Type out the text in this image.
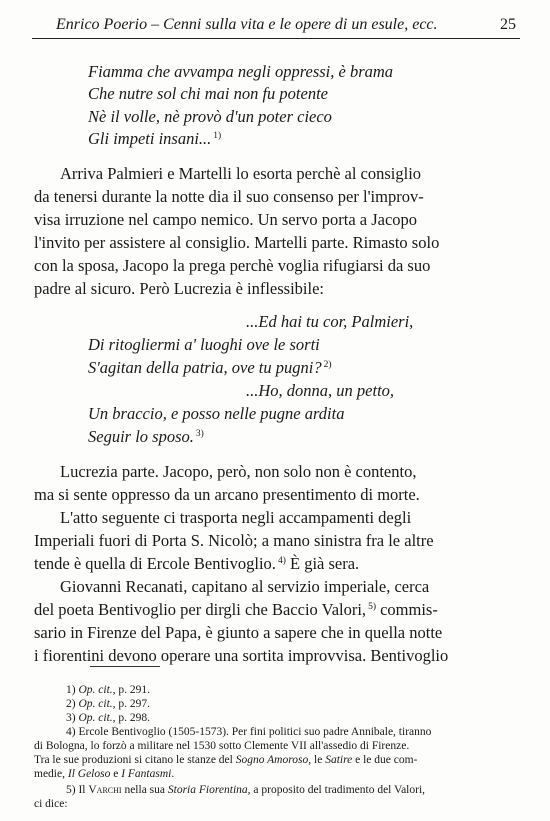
Enrico Poerio – Cenni sulla vita e le opere di un esule, ecc.	25
Fiamma che avvampa negli oppressi, è brama
Che nutre sol chi mai non fu potente
Nè il volle, nè provò d'un poter cieco
Gli impeti insani... $^{1)}$
Arriva Palmieri e Martelli lo esorta perchè al consiglio
da tenersi durante la notte dia il suo consenso per l'improv-
visa irruzione nel campo nemico. Un servo porta a Jacopo
l'invito per assistere al consiglio. Martelli parte. Rimasto solo
con la sposa, Jacopo la prega perchè voglia rifugiarsi da suo
padre al sicuro. Però Lucrezia è inflessibile:
...Ed hai tu cor, Palmieri,
Di ritogliermi a' luoghi ove le sorti
S'agitan della patria, ove tu pugni? $^{2)}$
...Ho, donna, un petto,
Un braccio, e posso nelle pugne ardita
Seguir lo sposo. $^{3)}$
Lucrezia parte. Jacopo, però, non solo non è contento,
ma si sente oppresso da un arcano presentimento di morte.
L'atto seguente ci trasporta negli accampamenti degli
Imperiali fuori di Porta S. Nicolò; a mano sinistra fra le altre
tende è quella di Ercole Bentivoglio. $^{4)}$ È già sera.
Giovanni Recanati, capitano al servizio imperiale, cerca
del poeta Bentivoglio per dirgli che Baccio Valori, $^{5)}$ commis-
sario in Firenze del Papa, è giunto a sapere che in quella notte
i fiorentini devono operare una sortita improvvisa. Bentivoglio
1) Op. cit., p. 291.
2) Op. cit., p. 297.
3) Op. cit., p. 298.
4) Ercole Bentivoglio (1505-1573). Per fini politici suo padre Annibale, tiranno
di Bologna, lo forzò a militare nel 1530 sotto Clemente VII all'assedio di Firenze.
Tra le sue produzioni si citano le stanze del Sogno Amoroso, le Satire e le due com-
medie, Il Geloso e I Fantasmi.
5) Il Varchi nella sua Storia Fiorentina, a proposito del tradimento del Valori,
ci dice:
